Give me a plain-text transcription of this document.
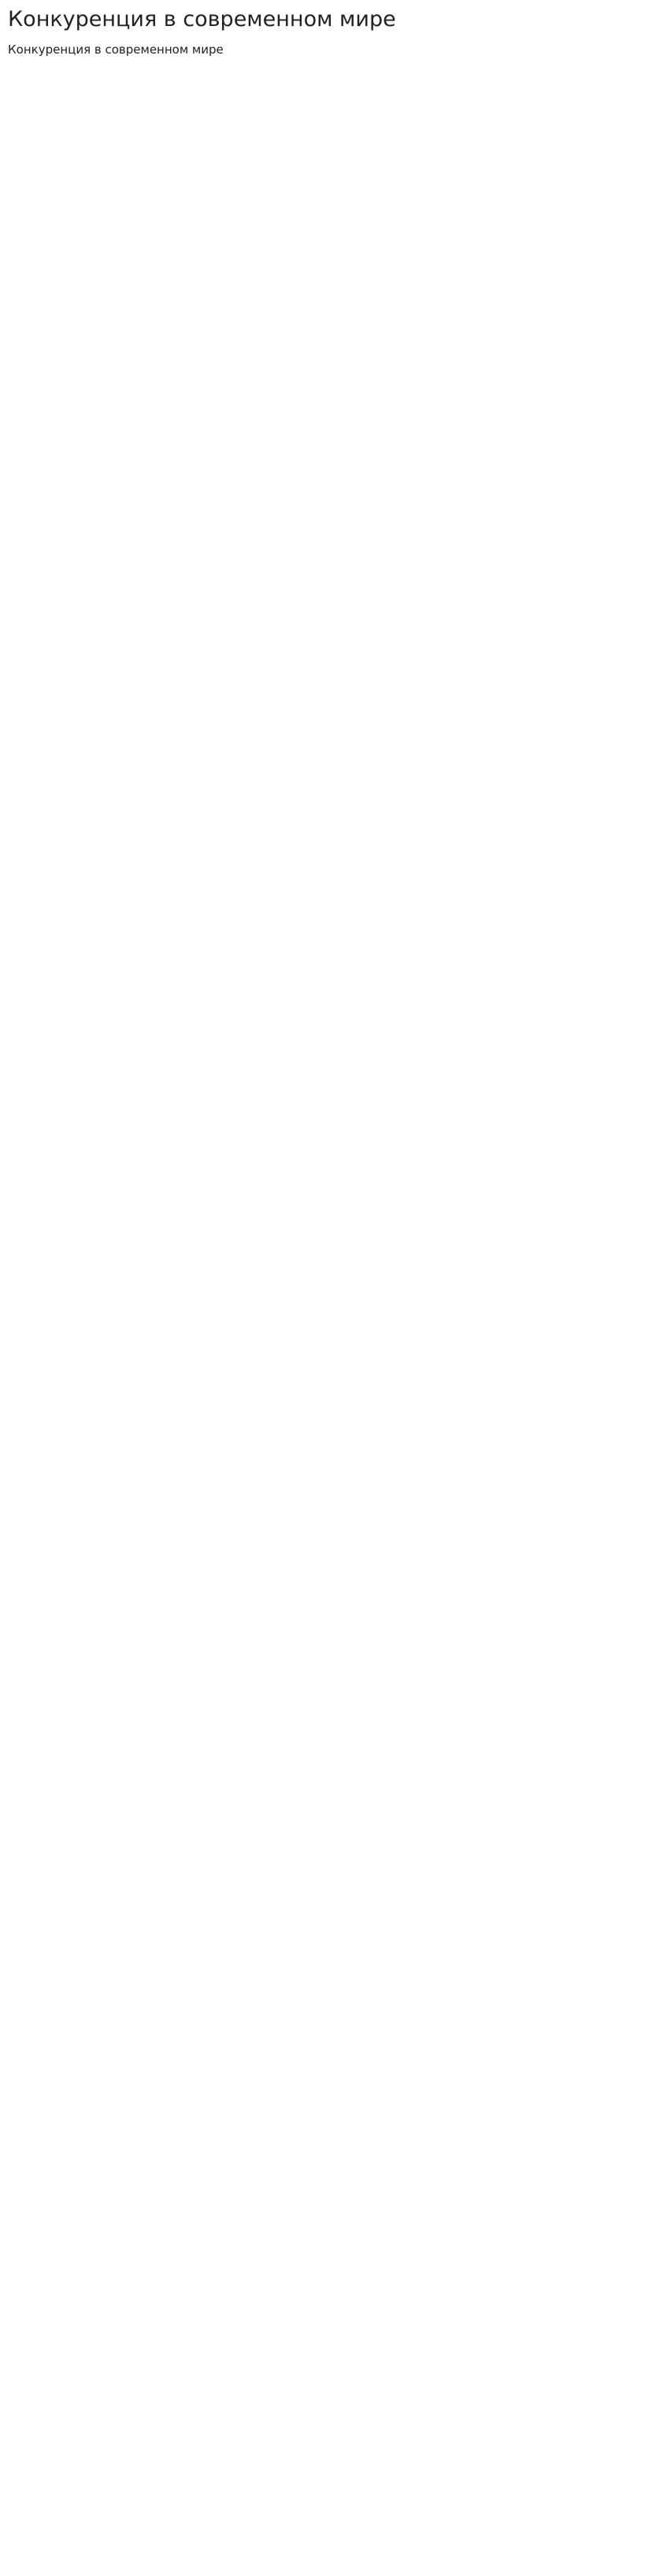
Конкуренция в современном мире
Конкуренция в современном мире
